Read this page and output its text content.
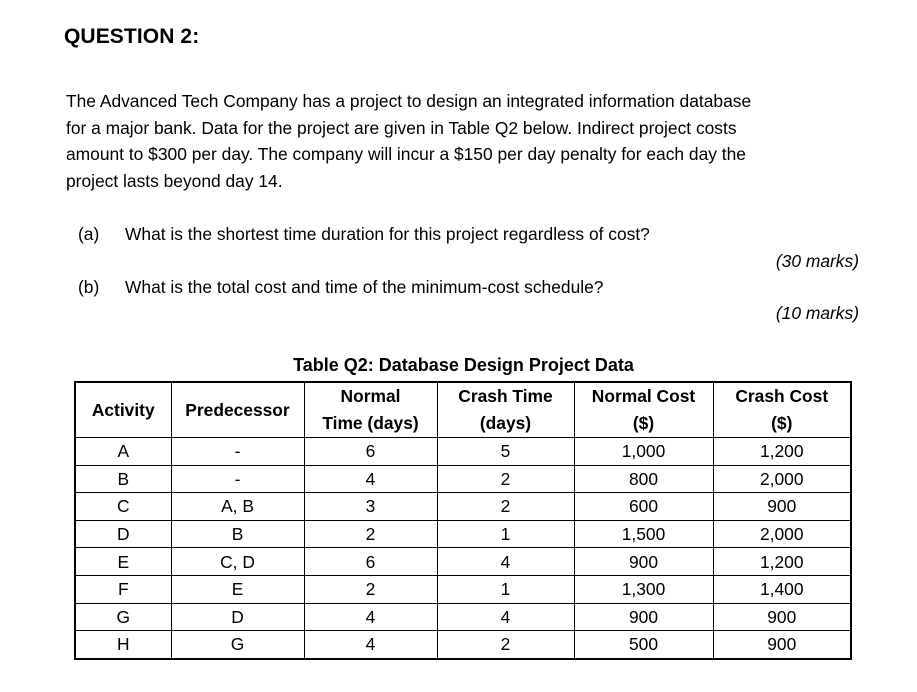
QUESTION 2:
The Advanced Tech Company has a project to design an integrated information database
for a major bank. Data for the project are given in Table Q2 below. Indirect project costs
amount to $300 per day. The company will incur a $150 per day penalty for each day the
project lasts beyond day 14.
(a) What is the shortest time duration for this project regardless of cost?
(30 marks)
(b) What is the total cost and time of the minimum-cost schedule?
(10 marks)
Table Q2: Database Design Project Data
Activity	Predecessor	Normal	Crash Time	Normal Cost	Crash Cost
		Time (days)	(days)	($)	($)
A	-	6	5	1,000	1,200
B	-	4	2	800	2,000
C	A, B	3	2	600	900
D	B	2	1	1,500	2,000
E	C, D	6	4	900	1,200
F	E	2	1	1,300	1,400
G	D	4	4	900	900
H	G	4	2	500	900
